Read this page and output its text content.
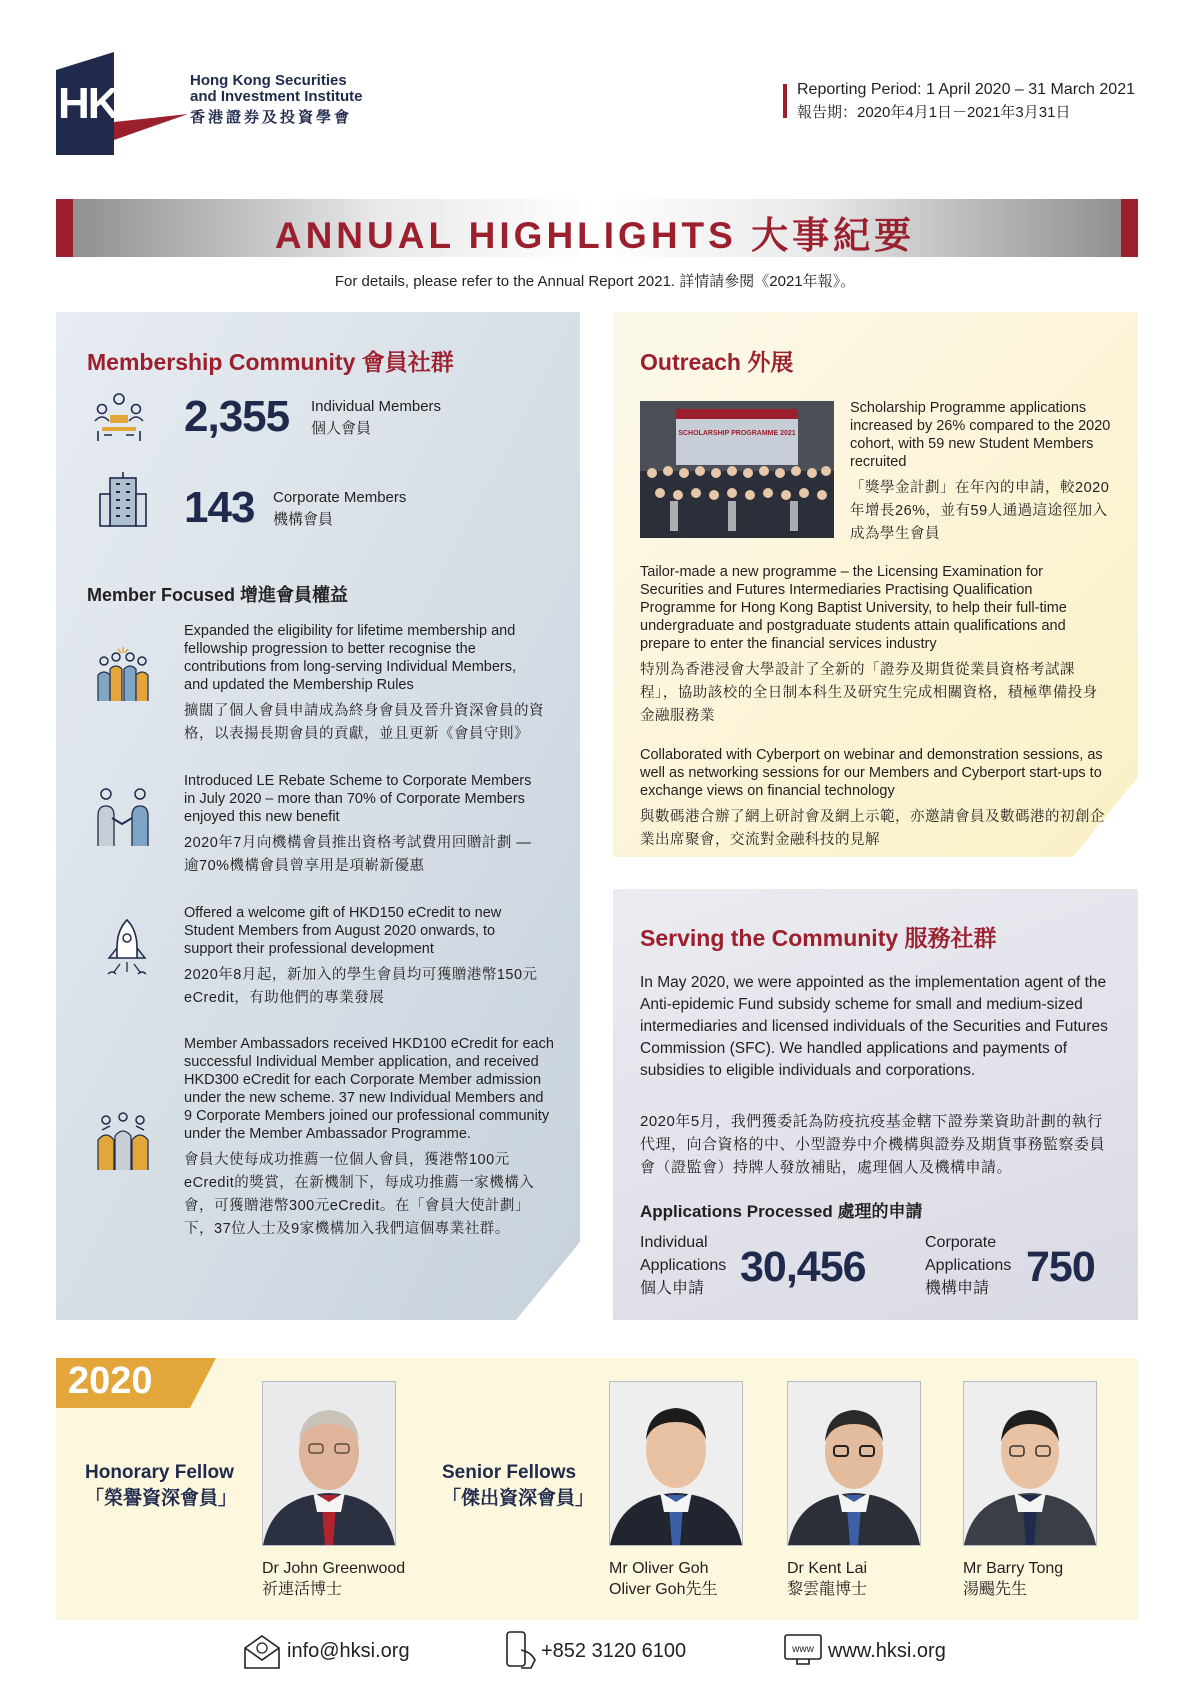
HKSI Hong Kong Securities
and Investment Institute
香港證券及投資學會
Reporting Period: 1 April 2020 – 31 March 2021
報告期：2020年4月1日－2021年3月31日
ANNUAL HIGHLIGHTS 大事紀要
For details, please refer to the Annual Report 2021. 詳情請參閱《2021年報》。
Membership Community 會員社群
2,355 Individual Members
個人會員
143 Corporate Members
機構會員
Member Focused 增進會員權益
Expanded the eligibility for lifetime membership and fellowship progression to better recognise the contributions from long-serving Individual Members, and updated the Membership Rules
擴闊了個人會員申請成為終身會員及晉升資深會員的資格，以表揚長期會員的貢獻，並且更新《會員守則》
Introduced LE Rebate Scheme to Corporate Members in July 2020 – more than 70% of Corporate Members enjoyed this new benefit
2020年7月向機構會員推出資格考試費用回贈計劃 — 逾70%機構會員曾享用是項嶄新優惠
Offered a welcome gift of HKD150 eCredit to new Student Members from August 2020 onwards, to support their professional development
2020年8月起，新加入的學生會員均可獲贈港幣150元eCredit，有助他們的專業發展
Member Ambassadors received HKD100 eCredit for each successful Individual Member application, and received HKD300 eCredit for each Corporate Member admission under the new scheme. 37 new Individual Members and 9 Corporate Members joined our professional community under the Member Ambassador Programme.
會員大使每成功推薦一位個人會員，獲港幣100元eCredit的獎賞，在新機制下，每成功推薦一家機構入會，可獲贈港幣300元eCredit。在「會員大使計劃」下，37位人士及9家機構加入我們這個專業社群。
Outreach 外展
SCHOLARSHIP PROGRAMME 2021
Scholarship Programme applications increased by 26% compared to the 2020 cohort, with 59 new Student Members recruited
「獎學金計劃」在年內的申請，較2020年增長26%，並有59人通過這途徑加入成為學生會員
Tailor-made a new programme – the Licensing Examination for Securities and Futures Intermediaries Practising Qualification Programme for Hong Kong Baptist University, to help their full-time undergraduate and postgraduate students attain qualifications and prepare to enter the financial services industry
特別為香港浸會大學設計了全新的「證券及期貨從業員資格考試課程」，協助該校的全日制本科生及研究生完成相關資格，積極準備投身金融服務業
Collaborated with Cyberport on webinar and demonstration sessions, as well as networking sessions for our Members and Cyberport start-ups to exchange views on financial technology
與數碼港合辦了網上研討會及網上示範，亦邀請會員及數碼港的初創企業出席聚會，交流對金融科技的見解
Serving the Community 服務社群
In May 2020, we were appointed as the implementation agent of the Anti-epidemic Fund subsidy scheme for small and medium-sized intermediaries and licensed individuals of the Securities and Futures Commission (SFC). We handled applications and payments of subsidies to eligible individuals and corporations.
2020年5月，我們獲委託為防疫抗疫基金轄下證券業資助計劃的執行代理，向合資格的中、小型證券中介機構與證券及期貨事務監察委員會（證監會）持牌人發放補貼，處理個人及機構申請。
Applications Processed 處理的申請
Individual
Applications
個人申請 30,456
Corporate
Applications
機構申請 750
2020
Honorary Fellow
「榮譽資深會員」
Senior Fellows
「傑出資深會員」
Dr John Greenwood
祈連活博士
Mr Oliver Goh
Oliver Goh先生
Dr Kent Lai
黎雲龍博士
Mr Barry Tong
湯颺先生
info@hksi.org	+852 3120 6100	www www.hksi.org
